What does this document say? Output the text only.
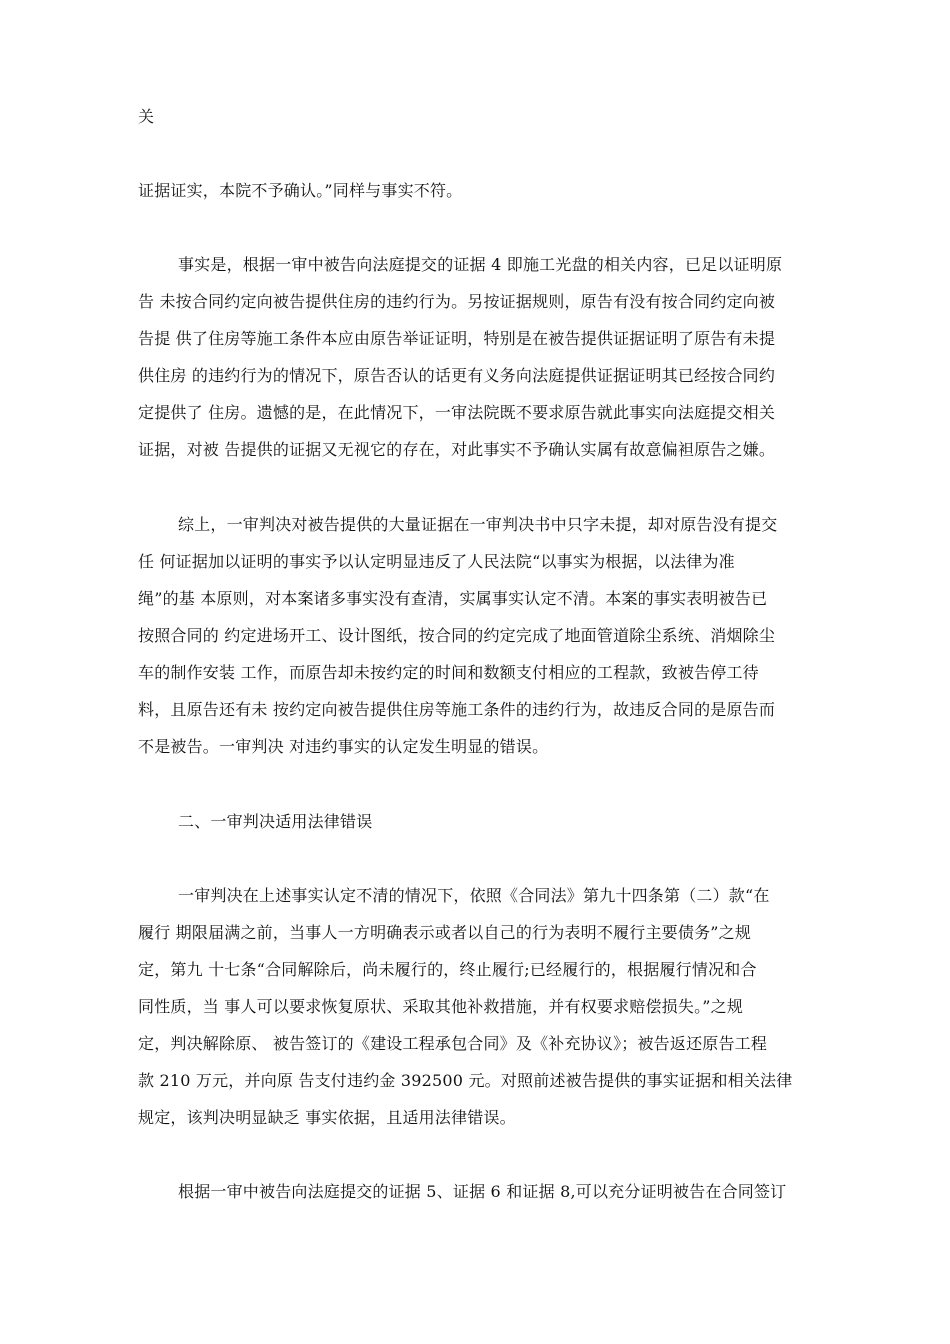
关
证据证实，本院不予确认。”同样与事实不符。
事实是，根据一审中被告向法庭提交的证据 4 即施工光盘的相关内容，已足以证明原
告 未按合同约定向被告提供住房的违约行为。另按证据规则，原告有没有按合同约定向被
告提 供了住房等施工条件本应由原告举证证明，特别是在被告提供证据证明了原告有未提
供住房 的违约行为的情况下，原告否认的话更有义务向法庭提供证据证明其已经按合同约
定提供了 住房。遗憾的是，在此情况下，一审法院既不要求原告就此事实向法庭提交相关
证据，对被 告提供的证据又无视它的存在，对此事实不予确认实属有故意偏袒原告之嫌。
综上，一审判决对被告提供的大量证据在一审判决书中只字未提，却对原告没有提交
任 何证据加以证明的事实予以认定明显违反了人民法院“以事实为根据，以法律为准
绳”的基 本原则，对本案诸多事实没有查清，实属事实认定不清。本案的事实表明被告已
按照合同的 约定进场开工、设计图纸，按合同的约定完成了地面管道除尘系统、消烟除尘
车的制作安装 工作，而原告却未按约定的时间和数额支付相应的工程款，致被告停工待
料，且原告还有未 按约定向被告提供住房等施工条件的违约行为，故违反合同的是原告而
不是被告。一审判决 对违约事实的认定发生明显的错误。
二、一审判决适用法律错误
一审判决在上述事实认定不清的情况下，依照《合同法》第九十四条第（二）款“在
履行 期限届满之前，当事人一方明确表示或者以自己的行为表明不履行主要债务”之规
定，第九 十七条“合同解除后，尚未履行的，终止履行;已经履行的，根据履行情况和合
同性质，当 事人可以要求恢复原状、采取其他补救措施，并有权要求赔偿损失。”之规
定，判决解除原、 被告签订的《建设工程承包合同》及《补充协议》；被告返还原告工程
款 210 万元，并向原 告支付违约金 392500 元。对照前述被告提供的事实证据和相关法律
规定，该判决明显缺乏 事实依据，且适用法律错误。
根据一审中被告向法庭提交的证据 5、证据 6 和证据 8,可以充分证明被告在合同签订
